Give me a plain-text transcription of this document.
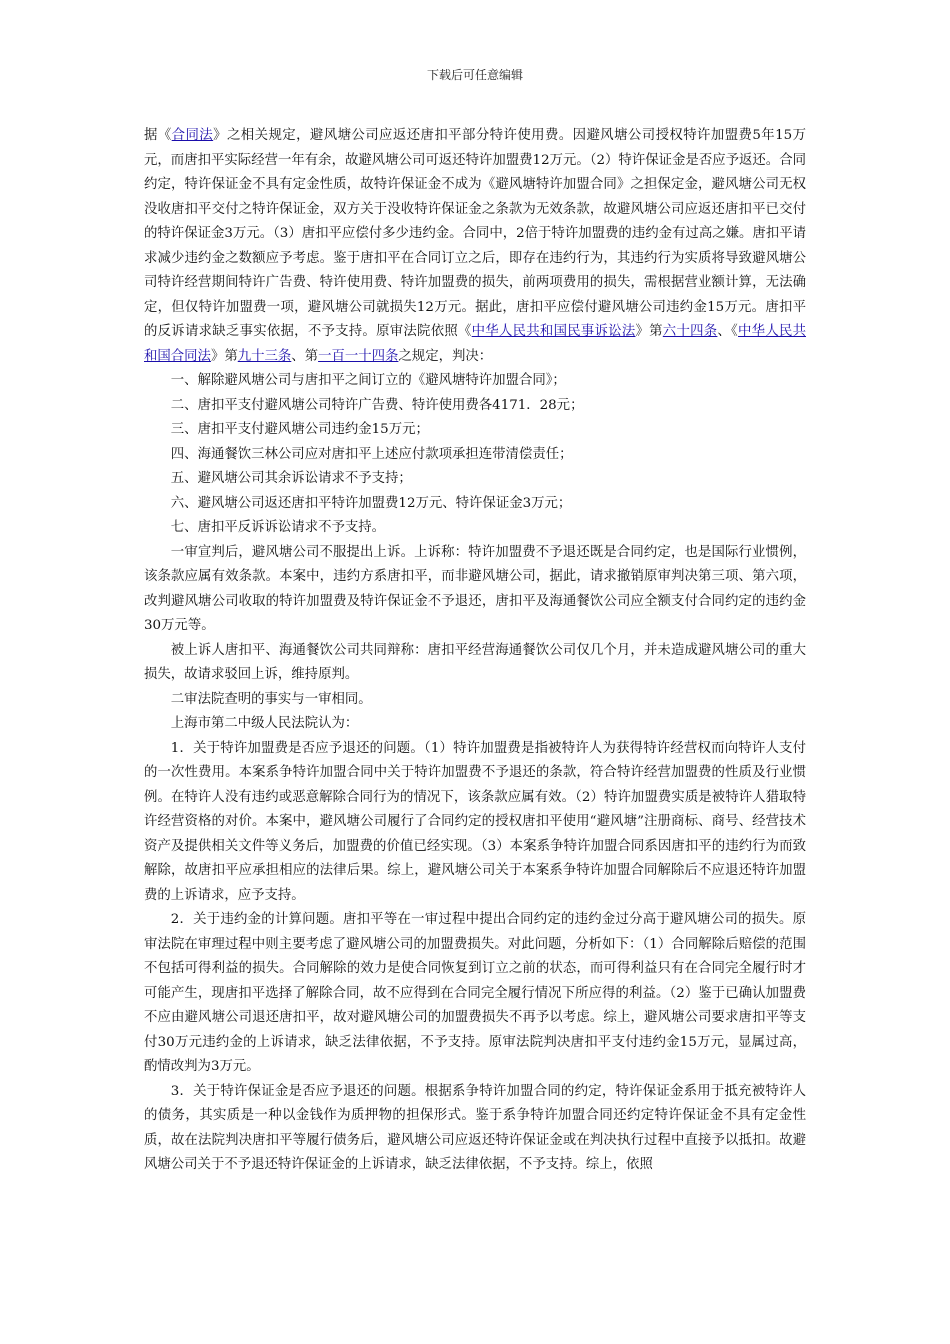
下载后可任意编辑

据《合同法》之相关规定，避风塘公司应返还唐扣平部分特许使用费。因避风塘公司授权特许加盟费5年15万元，而唐扣平实际经营一年有余，故避风塘公司可返还特许加盟费12万元。（2）特许保证金是否应予返还。合同约定，特许保证金不具有定金性质，故特许保证金不成为《避风塘特许加盟合同》之担保定金，避风塘公司无权没收唐扣平交付之特许保证金，双方关于没收特许保证金之条款为无效条款，故避风塘公司应返还唐扣平已交付的特许保证金3万元。（3）唐扣平应偿付多少违约金。合同中，2倍于特许加盟费的违约金有过高之嫌。唐扣平请求减少违约金之数额应予考虑。鉴于唐扣平在合同订立之后，即存在违约行为，其违约行为实质将导致避风塘公司特许经营期间特许广告费、特许使用费、特许加盟费的损失，前两项费用的损失，需根据营业额计算，无法确定，但仅特许加盟费一项，避风塘公司就损失12万元。据此，唐扣平应偿付避风塘公司违约金15万元。唐扣平的反诉请求缺乏事实依据，不予支持。原审法院依照《中华人民共和国民事诉讼法》第六十四条、《中华人民共和国合同法》第九十三条、第一百一十四条之规定，判决：

一、解除避风塘公司与唐扣平之间订立的《避风塘特许加盟合同》；

二、唐扣平支付避风塘公司特许广告费、特许使用费各4171．28元；

三、唐扣平支付避风塘公司违约金15万元；

四、海通餐饮三林公司应对唐扣平上述应付款项承担连带清偿责任；

五、避风塘公司其余诉讼请求不予支持；

六、避风塘公司返还唐扣平特许加盟费12万元、特许保证金3万元；

七、唐扣平反诉诉讼请求不予支持。

一审宣判后，避风塘公司不服提出上诉。上诉称：特许加盟费不予退还既是合同约定，也是国际行业惯例，该条款应属有效条款。本案中，违约方系唐扣平，而非避风塘公司，据此，请求撤销原审判决第三项、第六项，改判避风塘公司收取的特许加盟费及特许保证金不予退还，唐扣平及海通餐饮公司应全额支付合同约定的违约金30万元等。

被上诉人唐扣平、海通餐饮公司共同辩称：唐扣平经营海通餐饮公司仅几个月，并未造成避风塘公司的重大损失，故请求驳回上诉，维持原判。

二审法院查明的事实与一审相同。

上海市第二中级人民法院认为：

1．关于特许加盟费是否应予退还的问题。（1）特许加盟费是指被特许人为获得特许经营权而向特许人支付的一次性费用。本案系争特许加盟合同中关于特许加盟费不予退还的条款，符合特许经营加盟费的性质及行业惯例。在特许人没有违约或恶意解除合同行为的情况下，该条款应属有效。（2）特许加盟费实质是被特许人猎取特许经营资格的对价。本案中，避风塘公司履行了合同约定的授权唐扣平使用“避风塘”注册商标、商号、经营技术资产及提供相关文件等义务后，加盟费的价值已经实现。（3）本案系争特许加盟合同系因唐扣平的违约行为而致解除，故唐扣平应承担相应的法律后果。综上，避风塘公司关于本案系争特许加盟合同解除后不应退还特许加盟费的上诉请求，应予支持。

2．关于违约金的计算问题。唐扣平等在一审过程中提出合同约定的违约金过分高于避风塘公司的损失。原审法院在审理过程中则主要考虑了避风塘公司的加盟费损失。对此问题，分析如下：（1）合同解除后赔偿的范围不包括可得利益的损失。合同解除的效力是使合同恢复到订立之前的状态，而可得利益只有在合同完全履行时才可能产生，现唐扣平选择了解除合同，故不应得到在合同完全履行情况下所应得的利益。（2）鉴于已确认加盟费不应由避风塘公司退还唐扣平，故对避风塘公司的加盟费损失不再予以考虑。综上，避风塘公司要求唐扣平等支付30万元违约金的上诉请求，缺乏法律依据，不予支持。原审法院判决唐扣平支付违约金15万元，显属过高，酌情改判为3万元。

3．关于特许保证金是否应予退还的问题。根据系争特许加盟合同的约定，特许保证金系用于抵充被特许人的债务，其实质是一种以金钱作为质押物的担保形式。鉴于系争特许加盟合同还约定特许保证金不具有定金性质，故在法院判决唐扣平等履行债务后，避风塘公司应返还特许保证金或在判决执行过程中直接予以抵扣。故避风塘公司关于不予退还特许保证金的上诉请求，缺乏法律依据，不予支持。综上，依照
